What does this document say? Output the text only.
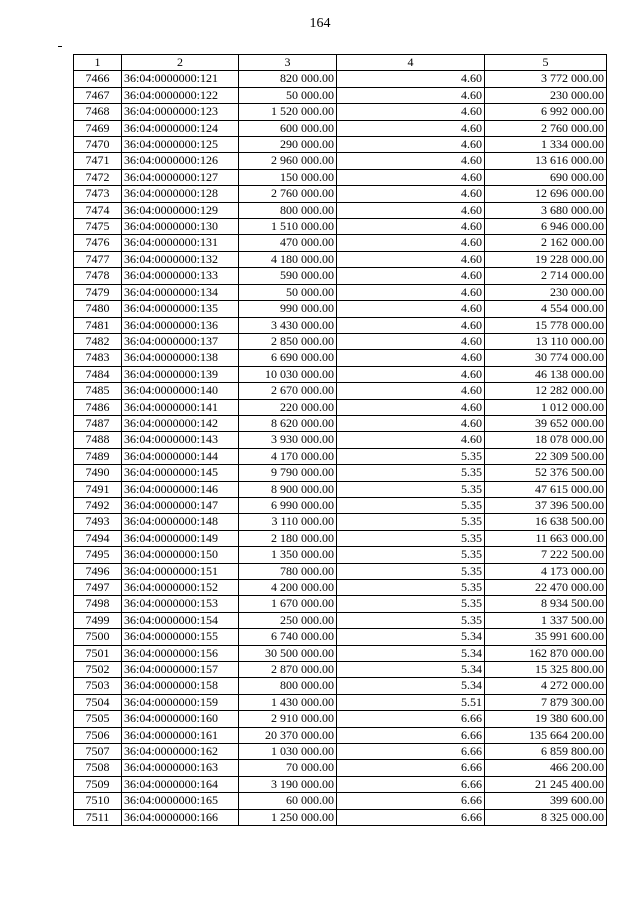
164
1	2	3	4	5
7466	36:04:0000000:121	820 000.00	4.60	3 772 000.00
7467	36:04:0000000:122	50 000.00	4.60	230 000.00
7468	36:04:0000000:123	1 520 000.00	4.60	6 992 000.00
7469	36:04:0000000:124	600 000.00	4.60	2 760 000.00
7470	36:04:0000000:125	290 000.00	4.60	1 334 000.00
7471	36:04:0000000:126	2 960 000.00	4.60	13 616 000.00
7472	36:04:0000000:127	150 000.00	4.60	690 000.00
7473	36:04:0000000:128	2 760 000.00	4.60	12 696 000.00
7474	36:04:0000000:129	800 000.00	4.60	3 680 000.00
7475	36:04:0000000:130	1 510 000.00	4.60	6 946 000.00
7476	36:04:0000000:131	470 000.00	4.60	2 162 000.00
7477	36:04:0000000:132	4 180 000.00	4.60	19 228 000.00
7478	36:04:0000000:133	590 000.00	4.60	2 714 000.00
7479	36:04:0000000:134	50 000.00	4.60	230 000.00
7480	36:04:0000000:135	990 000.00	4.60	4 554 000.00
7481	36:04:0000000:136	3 430 000.00	4.60	15 778 000.00
7482	36:04:0000000:137	2 850 000.00	4.60	13 110 000.00
7483	36:04:0000000:138	6 690 000.00	4.60	30 774 000.00
7484	36:04:0000000:139	10 030 000.00	4.60	46 138 000.00
7485	36:04:0000000:140	2 670 000.00	4.60	12 282 000.00
7486	36:04:0000000:141	220 000.00	4.60	1 012 000.00
7487	36:04:0000000:142	8 620 000.00	4.60	39 652 000.00
7488	36:04:0000000:143	3 930 000.00	4.60	18 078 000.00
7489	36:04:0000000:144	4 170 000.00	5.35	22 309 500.00
7490	36:04:0000000:145	9 790 000.00	5.35	52 376 500.00
7491	36:04:0000000:146	8 900 000.00	5.35	47 615 000.00
7492	36:04:0000000:147	6 990 000.00	5.35	37 396 500.00
7493	36:04:0000000:148	3 110 000.00	5.35	16 638 500.00
7494	36:04:0000000:149	2 180 000.00	5.35	11 663 000.00
7495	36:04:0000000:150	1 350 000.00	5.35	7 222 500.00
7496	36:04:0000000:151	780 000.00	5.35	4 173 000.00
7497	36:04:0000000:152	4 200 000.00	5.35	22 470 000.00
7498	36:04:0000000:153	1 670 000.00	5.35	8 934 500.00
7499	36:04:0000000:154	250 000.00	5.35	1 337 500.00
7500	36:04:0000000:155	6 740 000.00	5.34	35 991 600.00
7501	36:04:0000000:156	30 500 000.00	5.34	162 870 000.00
7502	36:04:0000000:157	2 870 000.00	5.34	15 325 800.00
7503	36:04:0000000:158	800 000.00	5.34	4 272 000.00
7504	36:04:0000000:159	1 430 000.00	5.51	7 879 300.00
7505	36:04:0000000:160	2 910 000.00	6.66	19 380 600.00
7506	36:04:0000000:161	20 370 000.00	6.66	135 664 200.00
7507	36:04:0000000:162	1 030 000.00	6.66	6 859 800.00
7508	36:04:0000000:163	70 000.00	6.66	466 200.00
7509	36:04:0000000:164	3 190 000.00	6.66	21 245 400.00
7510	36:04:0000000:165	60 000.00	6.66	399 600.00
7511	36:04:0000000:166	1 250 000.00	6.66	8 325 000.00
